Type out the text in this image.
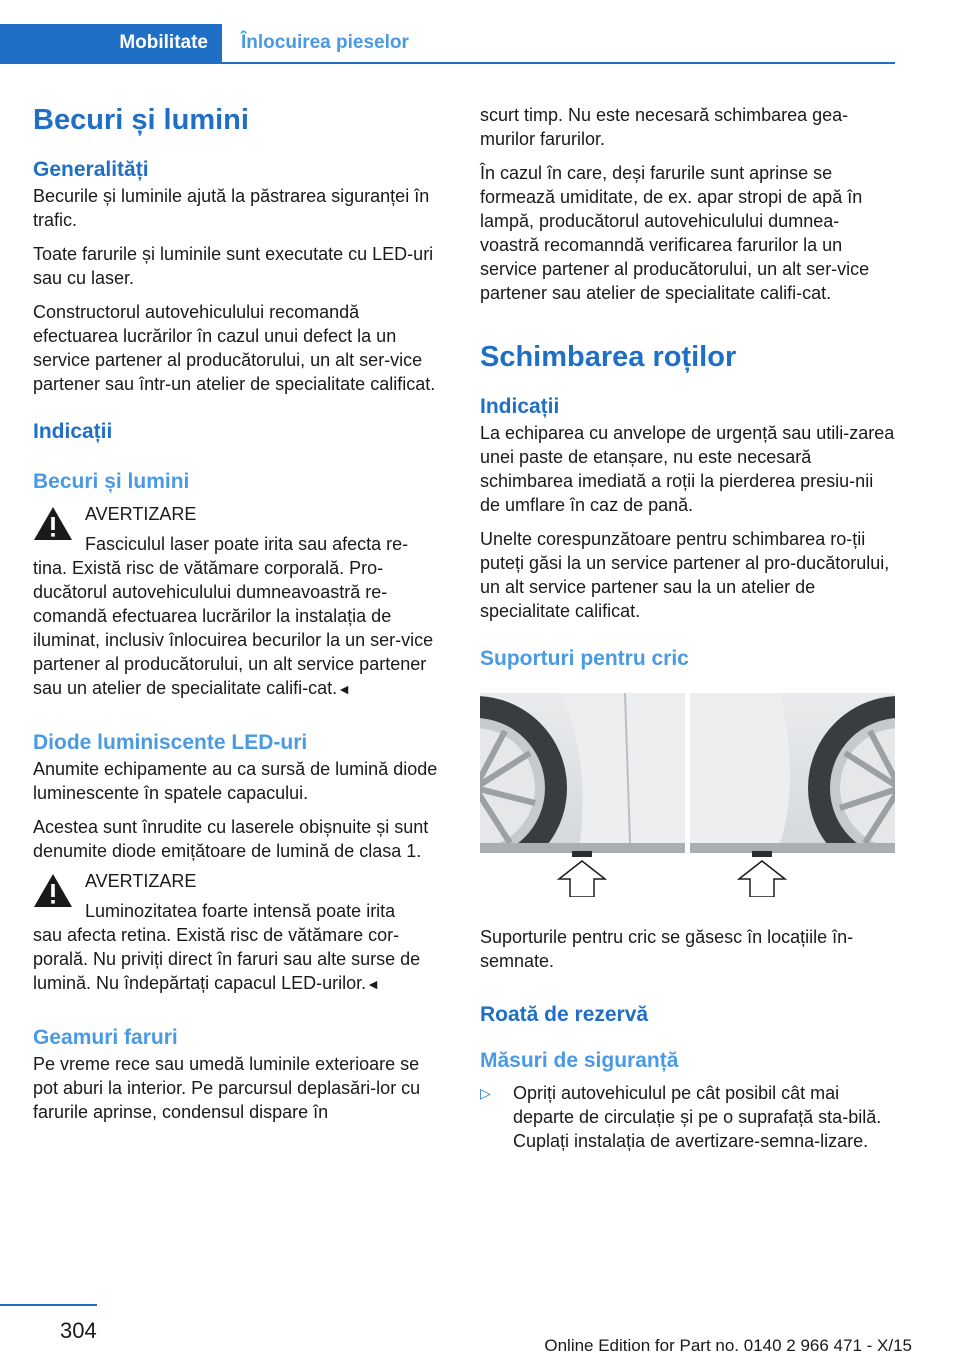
Mobilitate Înlocuirea pieselor
Becuri și lumini
Generalități

Becurile și luminile ajută la păstrarea siguranței în trafic.

Toate farurile și luminile sunt executate cu LED-uri sau cu laser.

Constructorul autovehiculului recomandă efectuarea lucrărilor în cazul unui defect la un service partener al producătorului, un alt ser‐vice partener sau într-un atelier de specialitate calificat.

Indicații
Becuri și lumini
AVERTIZARE
Fasciculul laser poate irita sau afecta re‐
tina. Există risc de vătămare corporală. Pro‐ducătorul autovehiculului dumneavoastră re‐comandă efectuarea lucrărilor la instalația de iluminat, inclusiv înlocuirea becurilor la un ser‐vice partener al producătorului, un alt service partener sau un atelier de specialitate califi‐cat.◄
Diode luminiscente LED-uri

Anumite echipamente au ca sursă de lumină diode luminescente în spatele capacului.

Acestea sunt înrudite cu laserele obișnuite și sunt denumite diode emițătoare de lumină de clasa 1.

AVERTIZARE
Luminozitatea foarte intensă poate irita
sau afecta retina. Există risc de vătămare cor‐porală. Nu priviți direct în faruri sau alte surse de lumină. Nu îndepărtați capacul LED-urilor.◄
Geamuri faruri

Pe vreme rece sau umedă luminile exterioare se pot aburi la interior. Pe parcursul deplasări‐lor cu farurile aprinse, condensul dispare în

scurt timp. Nu este necesară schimbarea gea‐murilor farurilor.

În cazul în care, deși farurile sunt aprinse se formează umiditate, de ex. apar stropi de apă în lampă, producătorul autovehiculului dumnea‐voastră recomanndă verificarea farurilor la un service partener al producătorului, un alt ser‐vice partener sau atelier de specialitate califi‐cat.

Schimbarea roților
Indicații

La echiparea cu anvelope de urgență sau utili‐zarea unei paste de etanșare, nu este necesară schimbarea imediată a roții la pierderea presiu‐nii de umflare în caz de pană.

Unelte corespunzătoare pentru schimbarea ro‐ții puteți găsi la un service partener al pro‐ducătorului, un alt service partener sau la un atelier de specialitate calificat.

Suporturi pentru cric

Suporturile pentru cric se găsesc în locațiile în‐semnate.

Roată de rezervă
Măsuri de siguranță
▷ Opriți autovehiculul pe cât posibil cât mai departe de circulație și pe o suprafață sta‐bilă. Cuplați instalația de avertizare-semna‐lizare.

304
Online Edition for Part no. 0140 2 966 471 - X/15
